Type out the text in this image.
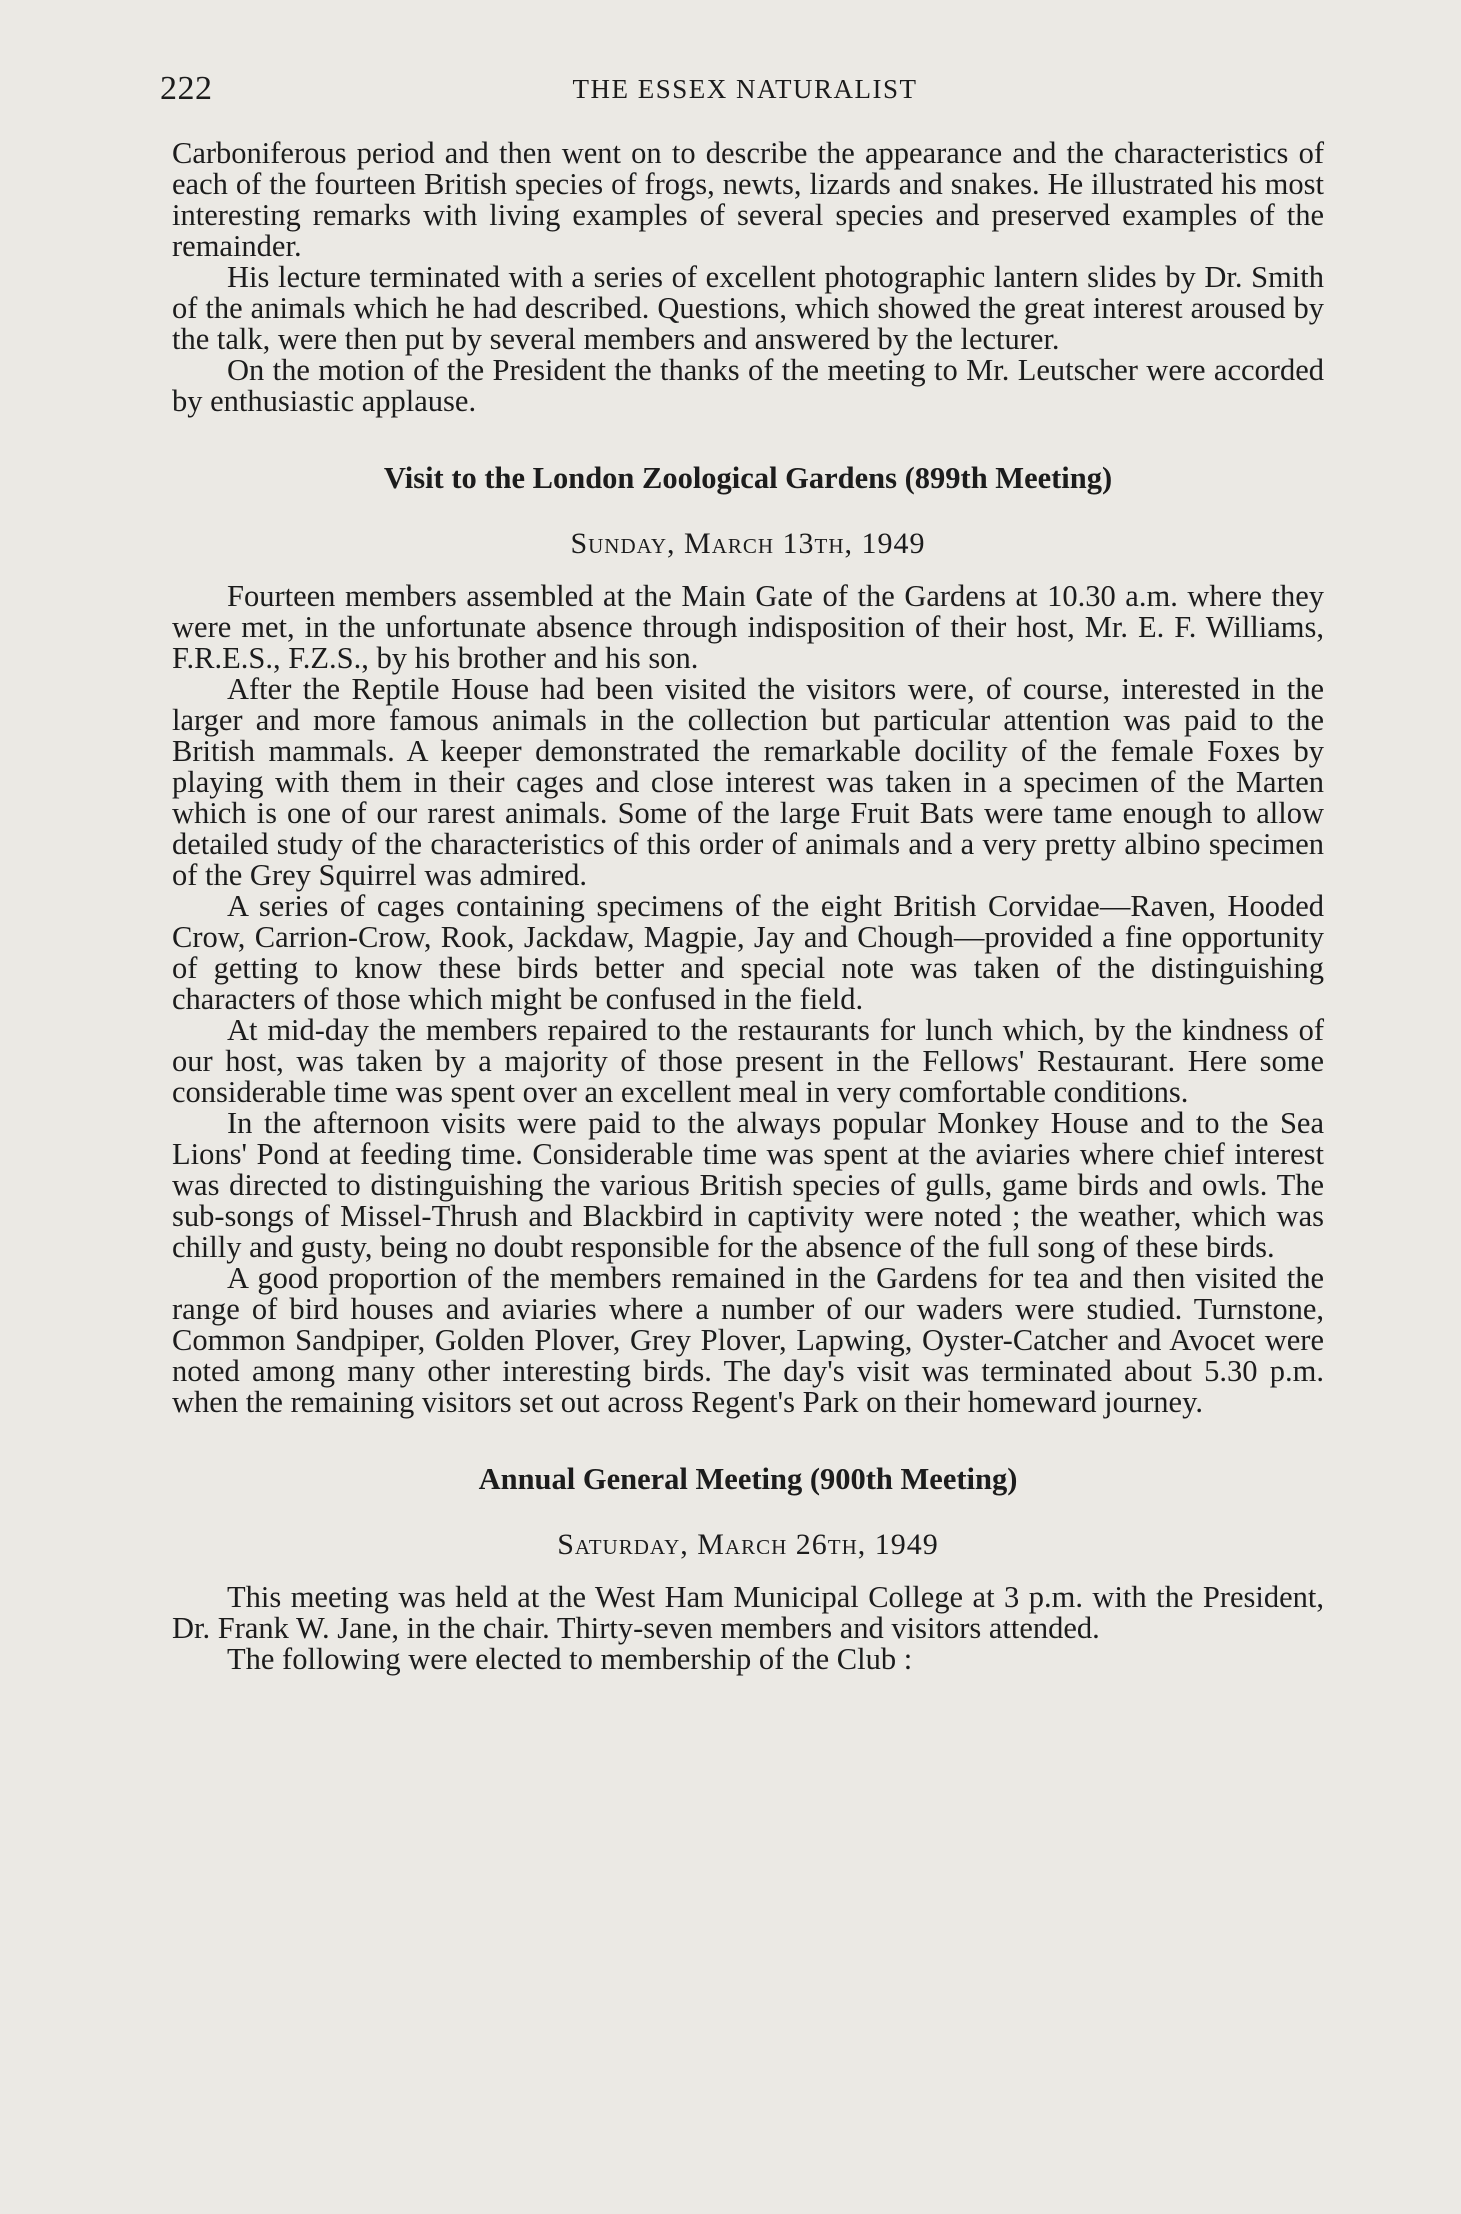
222	THE ESSEX NATURALIST

Carboniferous period and then went on to describe the appearance and the characteristics of each of the fourteen British species of frogs, newts, lizards and snakes. He illustrated his most interesting remarks with living examples of several species and preserved examples of the remainder.

His lecture terminated with a series of excellent photographic lantern slides by Dr. Smith of the animals which he had described. Questions, which showed the great interest aroused by the talk, were then put by several members and answered by the lecturer.

On the motion of the President the thanks of the meeting to Mr. Leutscher were accorded by enthusiastic applause.

Visit to the London Zoological Gardens (899th Meeting)
Sunday, March 13th, 1949

Fourteen members assembled at the Main Gate of the Gardens at 10.30 a.m. where they were met, in the unfortunate absence through indisposition of their host, Mr. E. F. Williams, F.R.E.S., F.Z.S., by his brother and his son.

After the Reptile House had been visited the visitors were, of course, interested in the larger and more famous animals in the collection but particular attention was paid to the British mammals. A keeper demonstrated the remarkable docility of the female Foxes by playing with them in their cages and close interest was taken in a specimen of the Marten which is one of our rarest animals. Some of the large Fruit Bats were tame enough to allow detailed study of the characteristics of this order of animals and a very pretty albino specimen of the Grey Squirrel was admired.

A series of cages containing specimens of the eight British Corvidae—Raven, Hooded Crow, Carrion-Crow, Rook, Jackdaw, Magpie, Jay and Chough—provided a fine opportunity of getting to know these birds better and special note was taken of the distinguishing characters of those which might be confused in the field.

At mid-day the members repaired to the restaurants for lunch which, by the kindness of our host, was taken by a majority of those present in the Fellows' Restaurant. Here some considerable time was spent over an excellent meal in very comfortable conditions.

In the afternoon visits were paid to the always popular Monkey House and to the Sea Lions' Pond at feeding time. Considerable time was spent at the aviaries where chief interest was directed to distinguishing the various British species of gulls, game birds and owls. The sub-songs of Missel-Thrush and Blackbird in captivity were noted ; the weather, which was chilly and gusty, being no doubt responsible for the absence of the full song of these birds.

A good proportion of the members remained in the Gardens for tea and then visited the range of bird houses and aviaries where a number of our waders were studied. Turnstone, Common Sandpiper, Golden Plover, Grey Plover, Lapwing, Oyster-Catcher and Avocet were noted among many other interesting birds. The day's visit was terminated about 5.30 p.m. when the remaining visitors set out across Regent's Park on their homeward journey.

Annual General Meeting (900th Meeting)
Saturday, March 26th, 1949

This meeting was held at the West Ham Municipal College at 3 p.m. with the President, Dr. Frank W. Jane, in the chair. Thirty-seven members and visitors attended.

The following were elected to membership of the Club :
